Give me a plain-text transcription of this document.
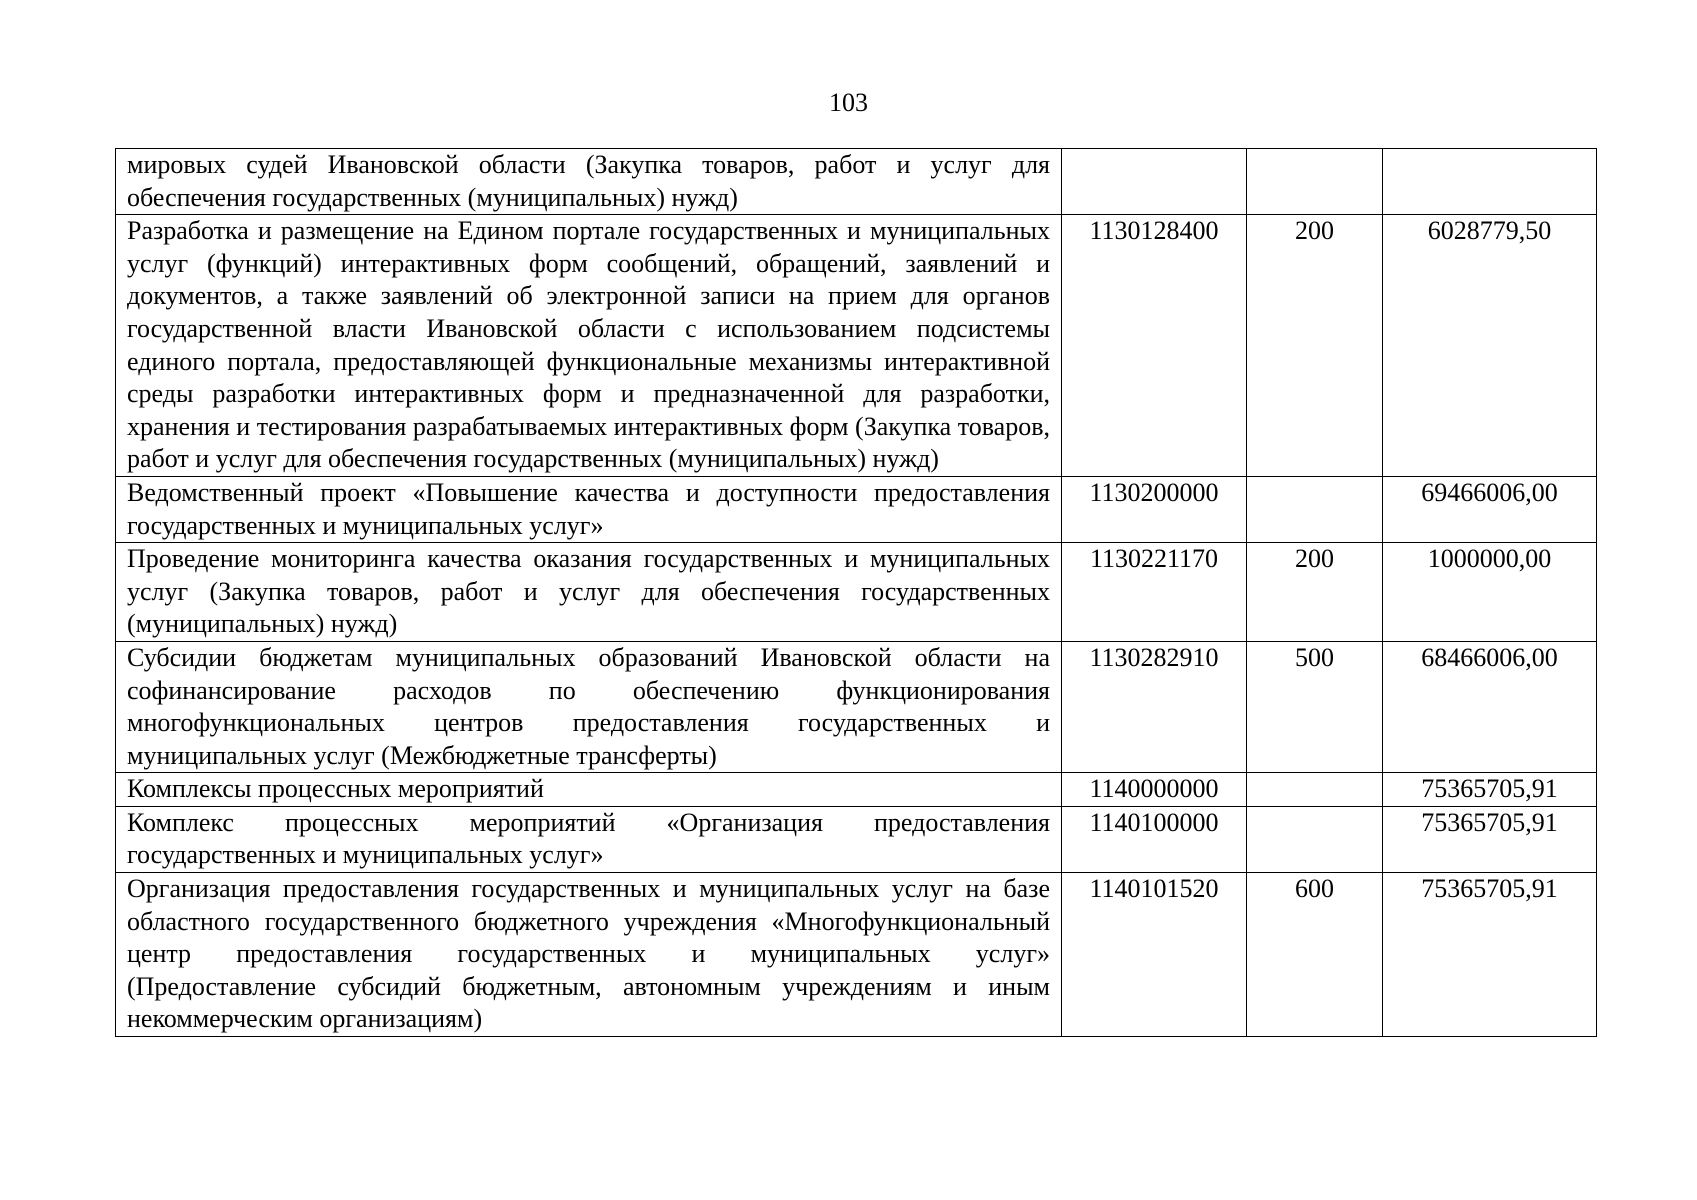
103
мировых судей Ивановской области (Закупка товаров, работ и услуг для обеспечения государственных (муниципальных) нужд)			
Разработка и размещение на Едином портале государственных и муниципальных услуг (функций) интерактивных форм сообщений, обращений, заявлений и документов, а также заявлений об электронной записи на прием для органов государственной власти Ивановской области с использованием подсистемы единого портала, предоставляющей функциональные механизмы интерактивной среды разработки интерактивных форм и предназначенной для разработки, хранения и тестирования разрабатываемых интерактивных форм (Закупка товаров, работ и услуг для обеспечения государственных (муниципальных) нужд)	1130128400	200	6028779,50
Ведомственный проект «Повышение качества и доступности предоставления государственных и муниципальных услуг»	1130200000		69466006,00
Проведение мониторинга качества оказания государственных и муниципальных услуг (Закупка товаров, работ и услуг для обеспечения государственных (муниципальных) нужд)	1130221170	200	1000000,00
Субсидии бюджетам муниципальных образований Ивановской области на софинансирование расходов по обеспечению функционирования многофункциональных центров предоставления государственных и муниципальных услуг (Межбюджетные трансферты)	1130282910	500	68466006,00
Комплексы процессных мероприятий	1140000000		75365705,91
Комплекс процессных мероприятий «Организация предоставления государственных и муниципальных услуг»	1140100000		75365705,91
Организация предоставления государственных и муниципальных услуг на базе областного государственного бюджетного учреждения «Многофункциональный центр предоставления государственных и муниципальных услуг» (Предоставление субсидий бюджетным, автономным учреждениям и иным некоммерческим организациям)	1140101520	600	75365705,91
